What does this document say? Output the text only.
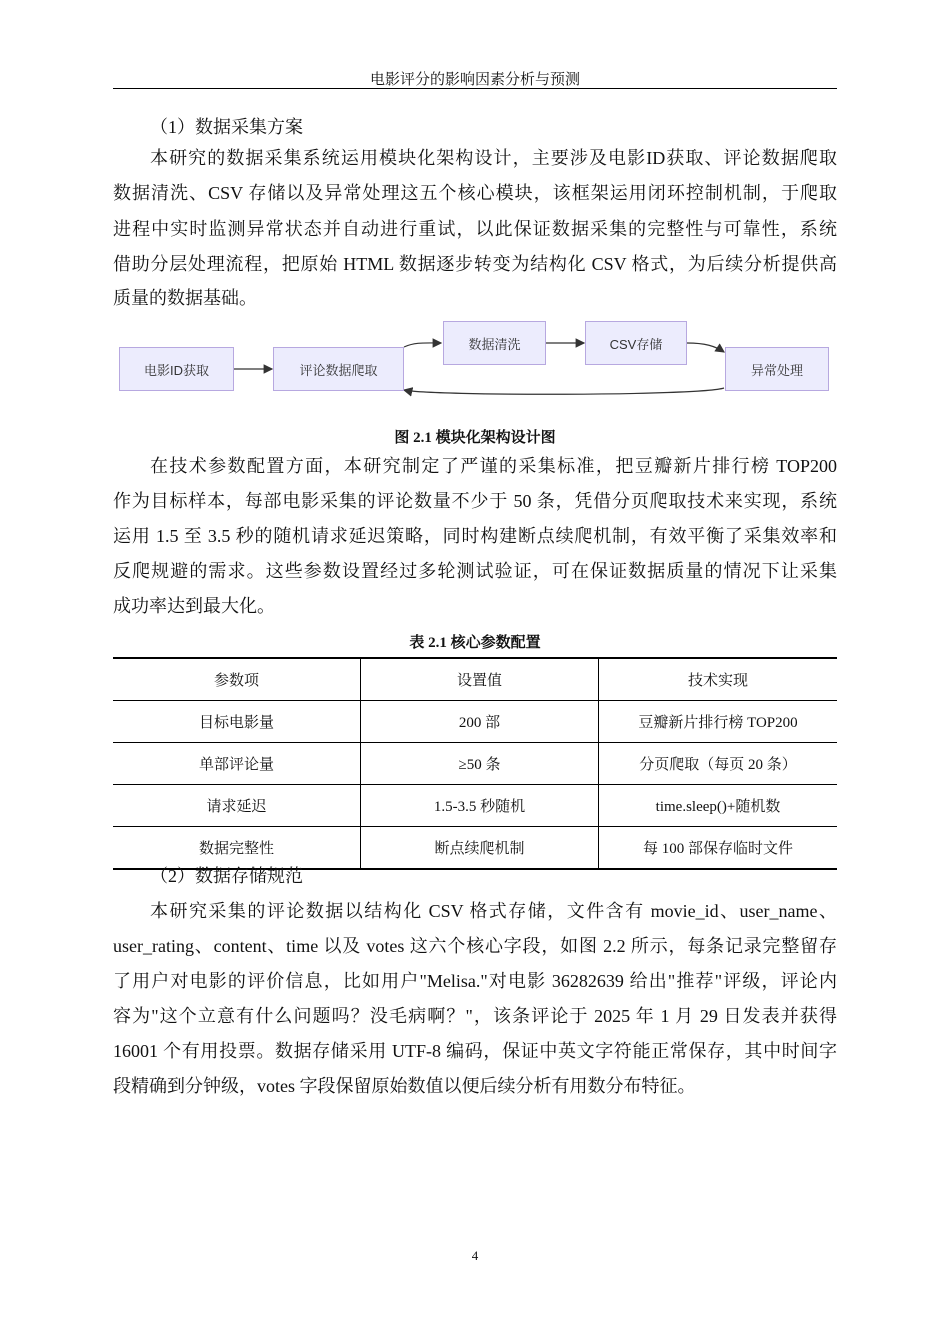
电影评分的影响因素分析与预测
（1）数据采集方案
本研究的数据采集系统运用模块化架构设计，主要涉及电影ID获取、评论数据爬取
数据清洗、CSV 存储以及异常处理这五个核心模块，该框架运用闭环控制机制，于爬取
进程中实时监测异常状态并自动进行重试，以此保证数据采集的完整性与可靠性，系统
借助分层处理流程，把原始 HTML 数据逐步转变为结构化 CSV 格式，为后续分析提供高
质量的数据基础。
电影ID获取	评论数据爬取
数据清洗	CSV存储
异常处理
图 2.1 模块化架构设计图
在技术参数配置方面，本研究制定了严谨的采集标准，把豆瓣新片排行榜 TOP200
作为目标样本，每部电影采集的评论数量不少于 50 条，凭借分页爬取技术来实现，系统
运用 1.5 至 3.5 秒的随机请求延迟策略，同时构建断点续爬机制，有效平衡了采集效率和
反爬规避的需求。这些参数设置经过多轮测试验证，可在保证数据质量的情况下让采集
成功率达到最大化。
表 2.1 核心参数配置
参数项	设置值	技术实现
目标电影量	200 部	豆瓣新片排行榜 TOP200
单部评论量	≥50 条	分页爬取（每页 20 条）
请求延迟	1.5-3.5 秒随机	time.sleep()+随机数
数据完整性	断点续爬机制	每 100 部保存临时文件
（2）数据存储规范
本研究采集的评论数据以结构化 CSV 格式存储，文件含有 movie_id、user_name、
user_rating、content、time 以及 votes 这六个核心字段，如图 2.2 所示，每条记录完整留存
了用户对电影的评价信息，比如用户"Melisa."对电影 36282639 给出"推荐"评级，评论内
容为"这个立意有什么问题吗？没毛病啊？"，该条评论于 2025 年 1 月 29 日发表并获得
16001 个有用投票。数据存储采用 UTF-8 编码，保证中英文字符能正常保存，其中时间字
段精确到分钟级，votes 字段保留原始数值以便后续分析有用数分布特征。
4
